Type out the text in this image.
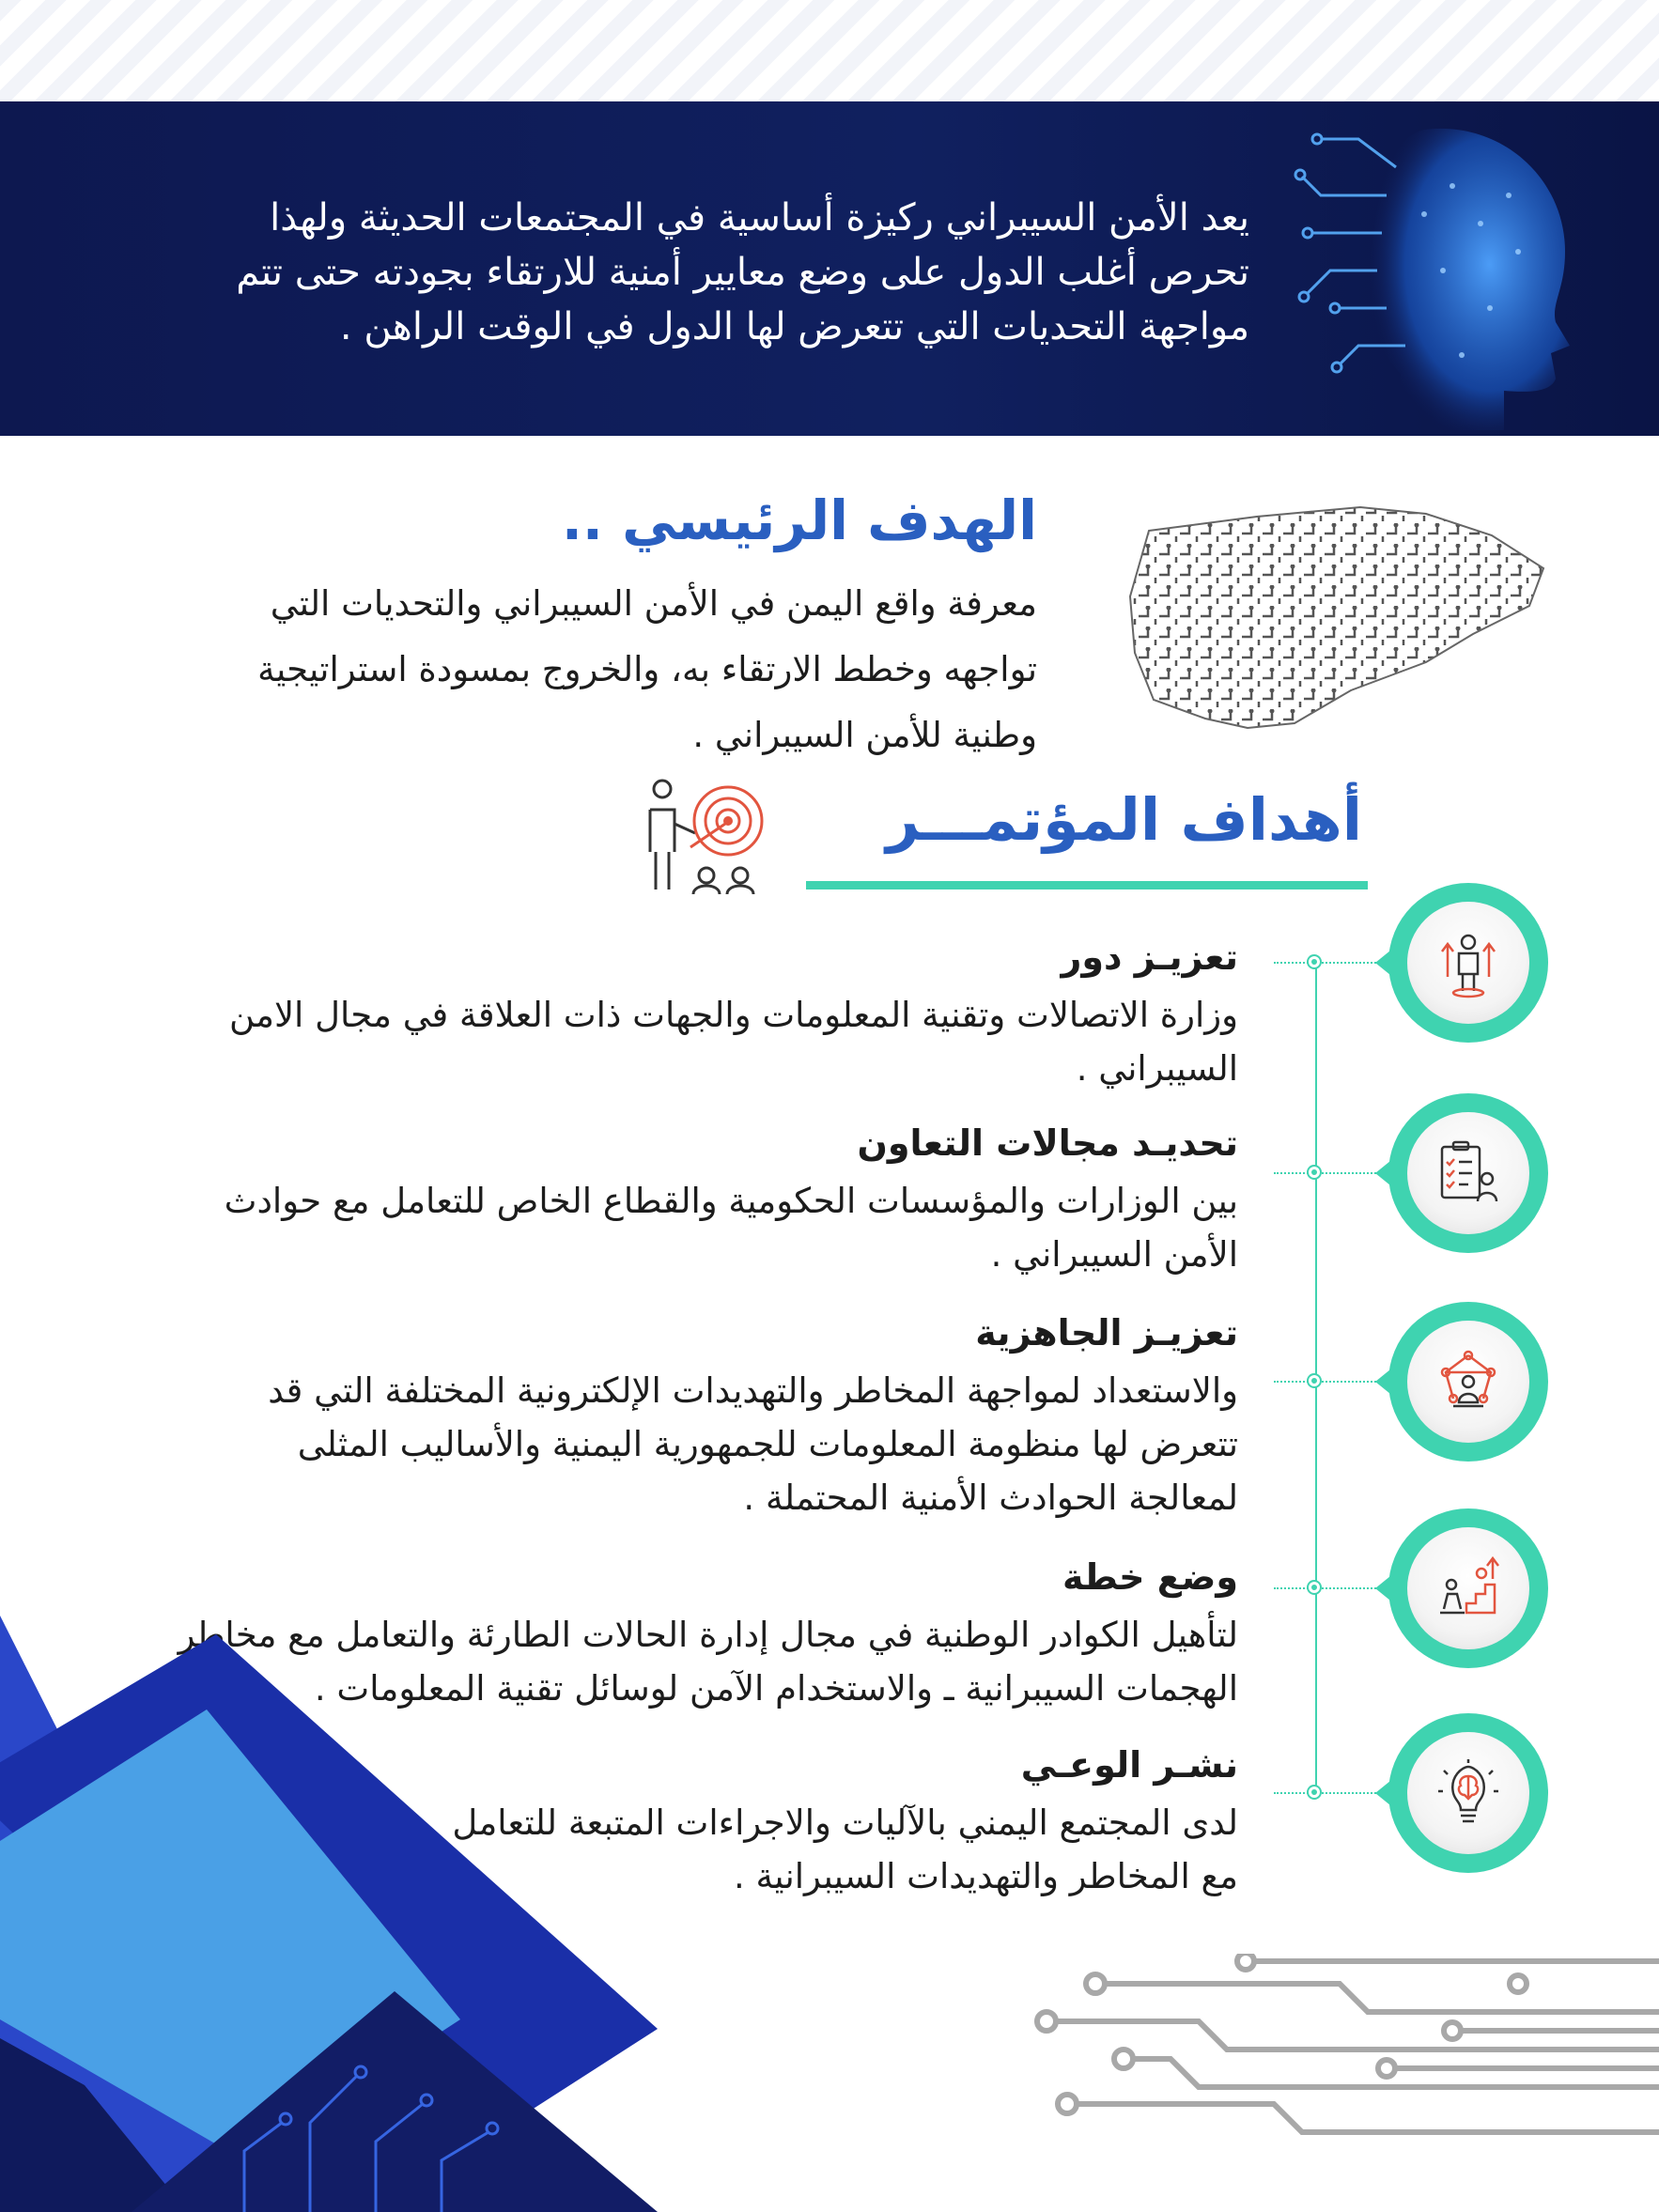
يعد الأمن السيبراني ركيزة أساسية في المجتمعات الحديثة ولهذا

تحرص أغلب الدول على وضع معايير أمنية للارتقاء بجودته حتى تتم

مواجهة التحديات التي تتعرض لها الدول في الوقت الراهن .

الهدف الرئيسي ..

معرفة واقع اليمن في الأمن السيبراني والتحديات التي

تواجهه وخطط الارتقاء به، والخروج بمسودة استراتيجية

وطنية للأمن السيبراني .

أهداف المؤتمـــر

تعزيـز دور

وزارة الاتصالات وتقنية المعلومات والجهات ذات العلاقة في مجال الامن

السيبراني .

تحديـد مجالات التعاون

بين الوزارات والمؤسسات الحكومية والقطاع الخاص للتعامل مع حوادث

الأمن السيبراني .

تعزيـز الجاهزية

والاستعداد لمواجهة المخاطر والتهديدات الإلكترونية المختلفة التي قد

تتعرض لها منظومة المعلومات للجمهورية اليمنية والأساليب المثلى

لمعالجة الحوادث الأمنية المحتملة .

وضع خطة

لتأهيل الكوادر الوطنية في مجال إدارة الحالات الطارئة والتعامل مع مخاطر

الهجمات السيبرانية ـ والاستخدام الآمن لوسائل تقنية المعلومات .

نشـر الوعـي

لدى المجتمع اليمني بالآليات والاجراءات المتبعة للتعامل

مع المخاطر والتهديدات السيبرانية .
